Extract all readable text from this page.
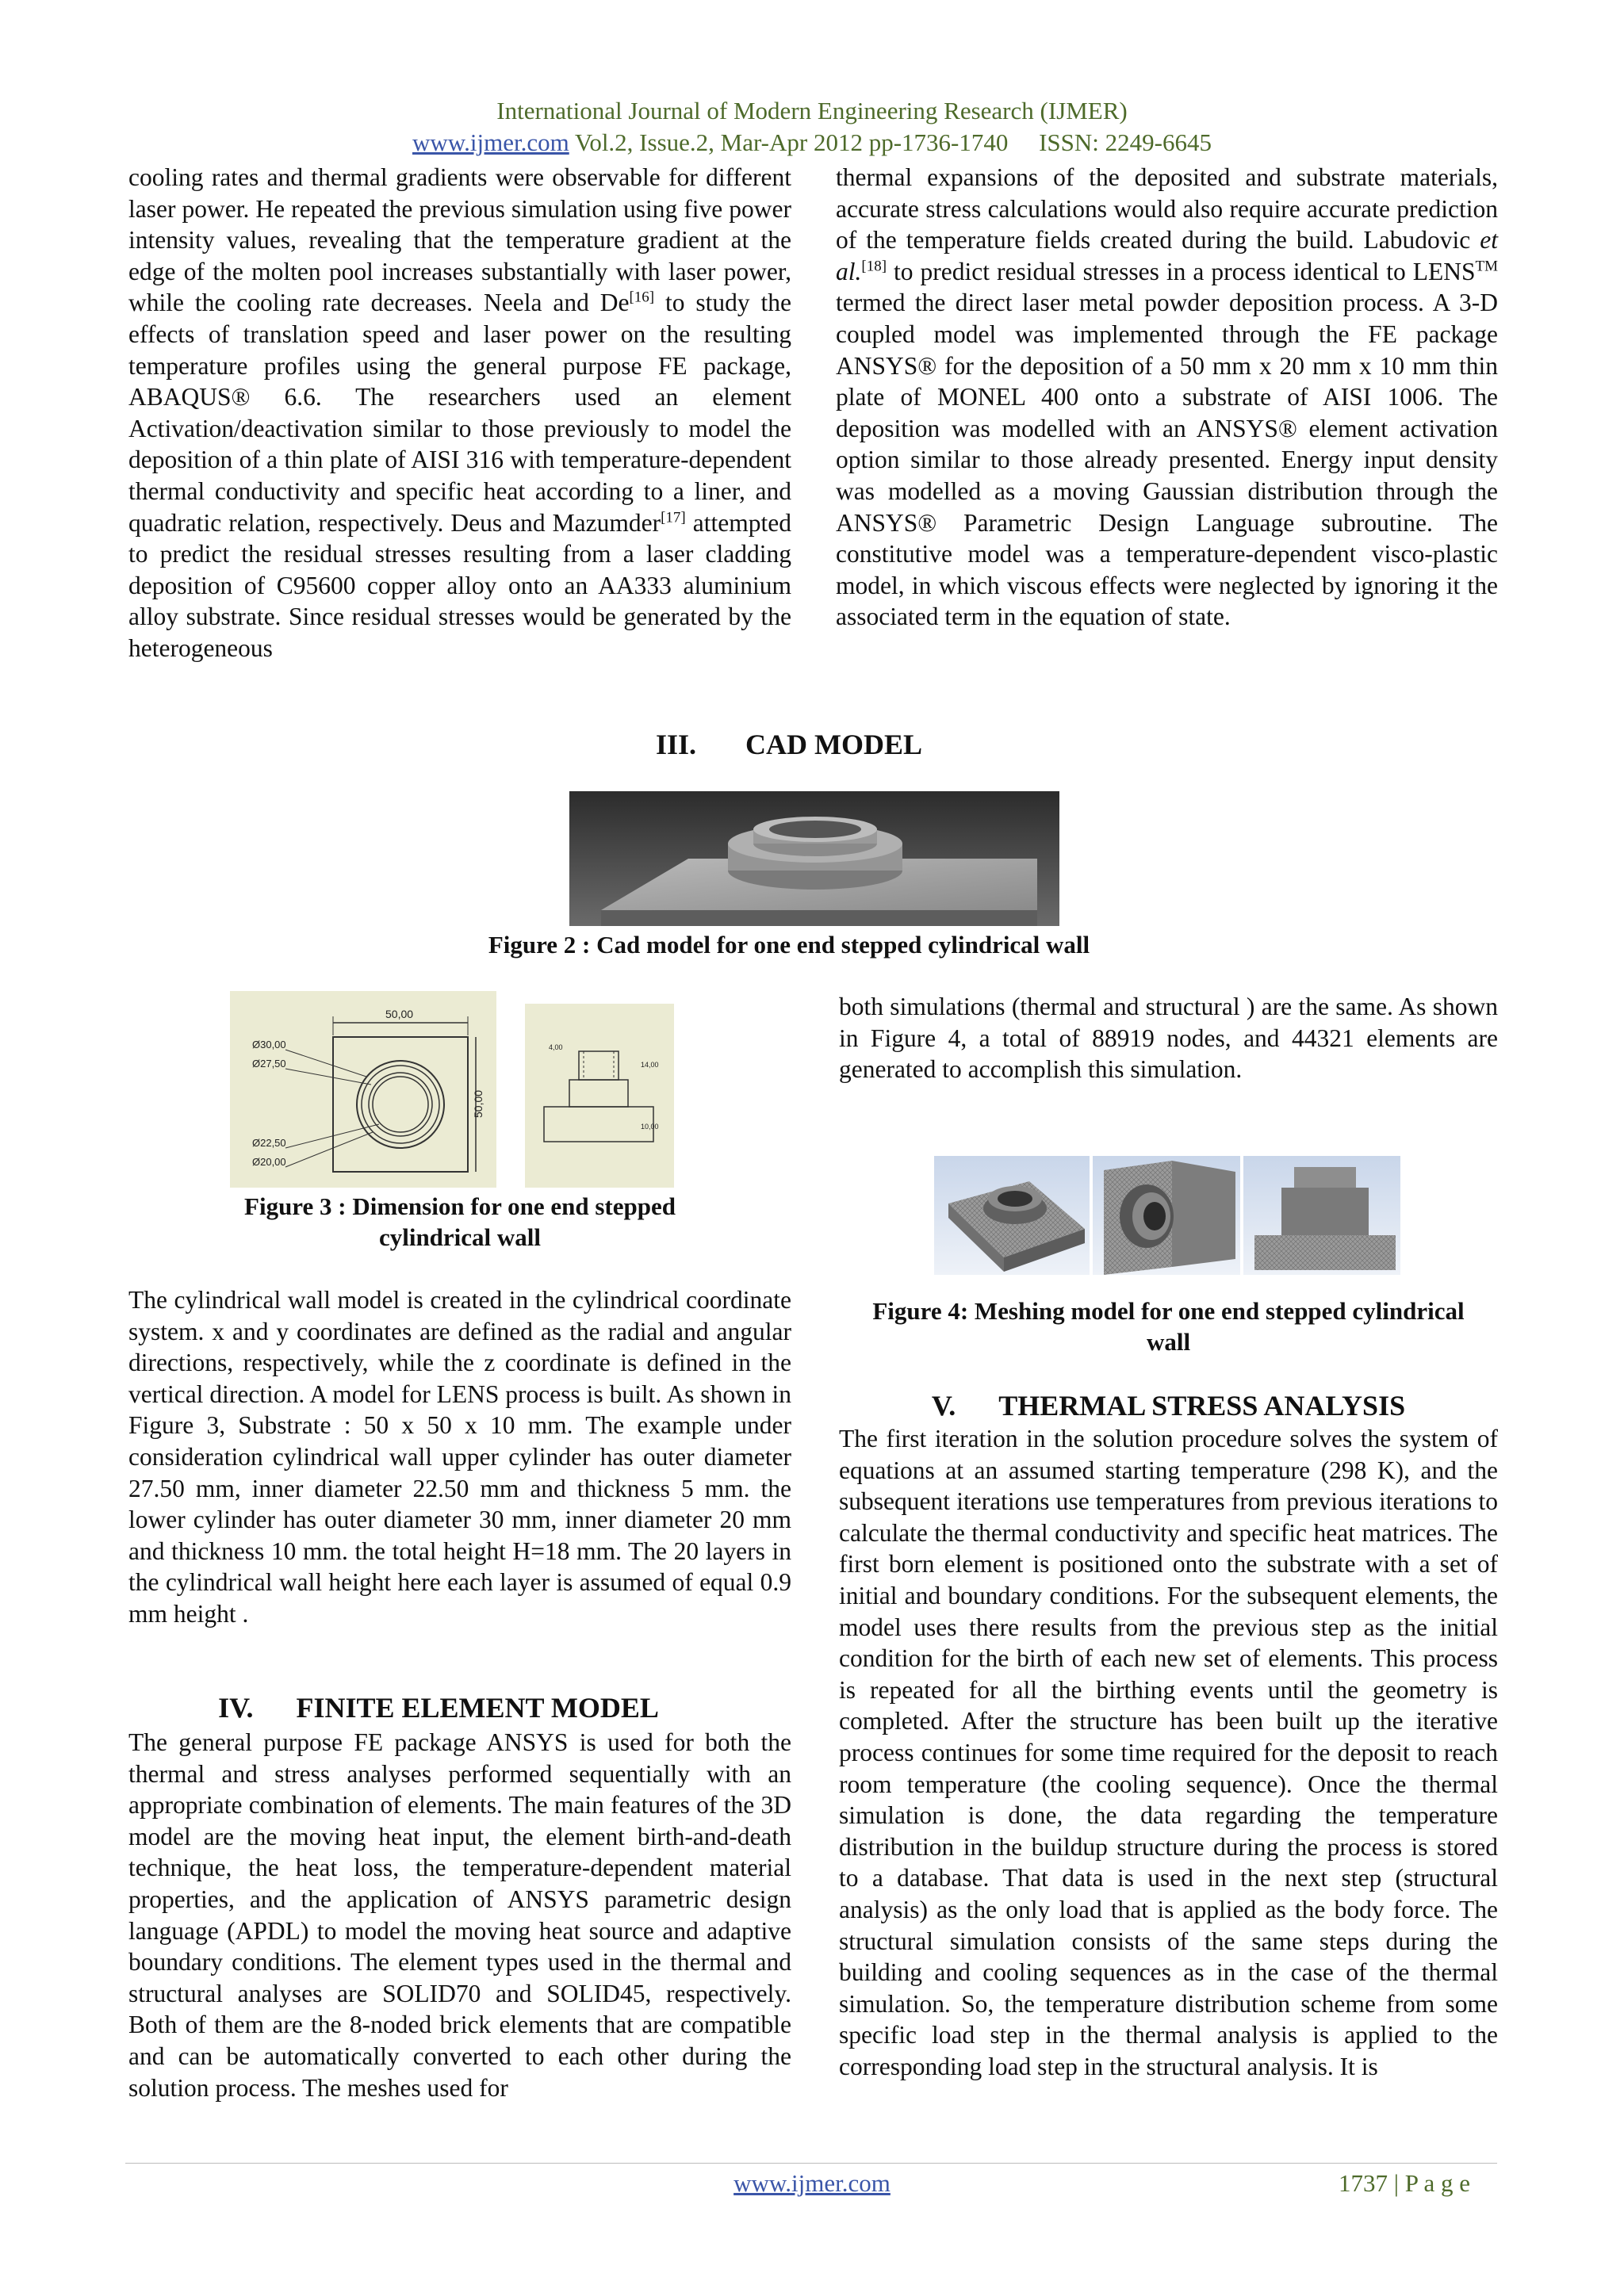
International Journal of Modern Engineering Research (IJMER)
www.ijmer.com Vol.2, Issue.2, Mar-Apr 2012 pp-1736-1740     ISSN: 2249-6645

cooling rates and thermal gradients were observable for different laser power. He repeated the previous simulation using five power intensity values, revealing that the temperature gradient at the edge of the molten pool increases substantially with laser power, while the cooling rate decreases. Neela and De[16] to study the effects of translation speed and laser power on the resulting temperature profiles using the general purpose FE package, ABAQUS® 6.6. The researchers used an element Activation/deactivation similar to those previously to model the deposition of a thin plate of AISI 316 with temperature-dependent thermal conductivity and specific heat according to a liner, and quadratic relation, respectively. Deus and Mazumder[17] attempted to predict the residual stresses resulting from a laser cladding deposition of C95600 copper alloy onto an AA333 aluminium alloy substrate. Since residual stresses would be generated by the heterogeneous

thermal expansions of the deposited and substrate materials, accurate stress calculations would also require accurate prediction of the temperature fields created during the build. Labudovic et al.[18] to predict residual stresses in a process identical to LENS™ termed the direct laser metal powder deposition process. A 3-D coupled model was implemented through the FE package ANSYS® for the deposition of a 50 mm x 20 mm x 10 mm thin plate of MONEL 400 onto a substrate of AISI 1006. The deposition was modelled with an ANSYS® element activation option similar to those already presented. Energy input density was modelled as a moving Gaussian distribution through the ANSYS® Parametric Design Language subroutine. The constitutive model was a temperature-dependent visco-plastic model, in which viscous effects were neglected by ignoring it the associated term in the equation of state.

III. CAD MODEL
Figure 2 : Cad model for one end stepped cylindrical wall
50,00
50,00
Ø30,00
Ø27,50
Ø22,50
Ø20,00
4,00
14,00
10,00
Figure 3 : Dimension for one end stepped
cylindrical wall

both simulations (thermal and structural ) are the same. As shown in Figure 4, a total of 88919 nodes, and 44321 elements are generated to accomplish this simulation.

Figure 4: Meshing model for one end stepped cylindrical
wall

The cylindrical wall model is created in the cylindrical coordinate system. x and y coordinates are defined as the radial and angular directions, respectively, while the z coordinate is defined in the vertical direction. A model for LENS process is built. As shown in Figure 3, Substrate : 50 x 50 x 10 mm. The example under consideration cylindrical wall upper cylinder has outer diameter 27.50 mm, inner diameter 22.50 mm and thickness 5 mm. the lower cylinder has outer diameter 30 mm, inner diameter 20 mm and thickness 10 mm. the total height H=18 mm. The 20 layers in the cylindrical wall height here each layer is assumed of equal 0.9 mm height .

IV. FINITE ELEMENT MODEL

The general purpose FE package ANSYS is used for both the thermal and stress analyses performed sequentially with an appropriate combination of elements. The main features of the 3D model are the moving heat input, the element birth-and-death technique, the heat loss, the temperature-dependent material properties, and the application of ANSYS parametric design language (APDL) to model the moving heat source and adaptive boundary conditions. The element types used in the thermal and structural analyses are SOLID70 and SOLID45, respectively. Both of them are the 8-noded brick elements that are compatible and can be automatically converted to each other during the solution process. The meshes used for

V. THERMAL STRESS ANALYSIS

The first iteration in the solution procedure solves the system of equations at an assumed starting temperature (298 K), and the subsequent iterations use temperatures from previous iterations to calculate the thermal conductivity and specific heat matrices. The first born element is positioned onto the substrate with a set of initial and boundary conditions. For the subsequent elements, the model uses there results from the previous step as the initial condition for the birth of each new set of elements. This process is repeated for all the birthing events until the geometry is completed. After the structure has been built up the iterative process continues for some time required for the deposit to reach room temperature (the cooling sequence). Once the thermal simulation is done, the data regarding the temperature distribution in the buildup structure during the process is stored to a database. That data is used in the next step (structural analysis) as the only load that is applied as the body force. The structural simulation consists of the same steps during the building and cooling sequences as in the case of the thermal simulation. So, the temperature distribution scheme from some specific load step in the thermal analysis is applied to the corresponding load step in the structural analysis. It is

www.ijmer.com	1737 | P a g e
